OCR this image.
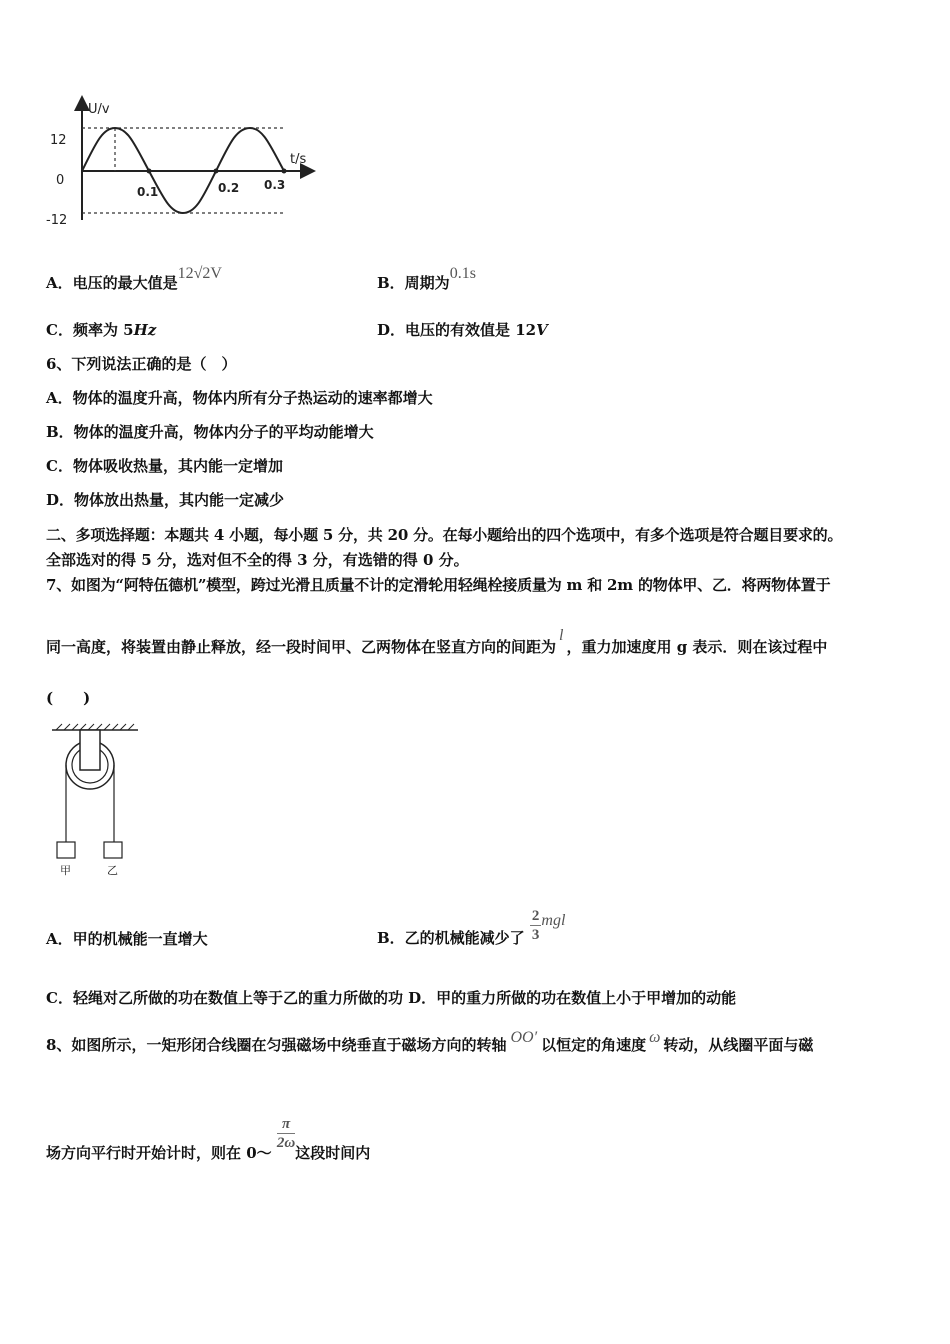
U/v
t/s
12
0
-12
0.1	0.2 0.3
A．电压的最大值是12√2V
B．周期为0.1s
C．频率为 5Hz	D．电压的有效值是 12V
6、下列说法正确的是（　）
A．物体的温度升高，物体内所有分子热运动的速率都增大
B．物体的温度升高，物体内分子的平均动能增大
C．物体吸收热量，其内能一定增加
D．物体放出热量，其内能一定减少
二、多项选择题：本题共 4 小题，每小题 5 分，共 20 分。在每小题给出的四个选项中，有多个选项是符合题目要求的。
全部选对的得 5 分，选对但不全的得 3 分，有选错的得 0 分。
7、如图为“阿特伍德机”模型，跨过光滑且质量不计的定滑轮用轻绳栓接质量为 m 和 2m 的物体甲、乙．将两物体置于
同一高度，将装置由静止释放，经一段时间甲、乙两物体在竖直方向的间距为l，重力加速度用 g 表示．则在该过程中
(　　)
甲	乙
A．甲的机械能一直增大	B．乙的机械能减少了 $\frac{2}{3}$ mgl
C．轻绳对乙所做的功在数值上等于乙的重力所做的功 D．甲的重力所做的功在数值上小于甲增加的动能
8、如图所示，一矩形闭合线圈在匀强磁场中绕垂直于磁场方向的转轴 OO′ 以恒定的角速度 ω 转动，从线圈平面与磁
场方向平行时开始计时，则在 0～
$\frac{\pi}{2\omega}$
这段时间内
